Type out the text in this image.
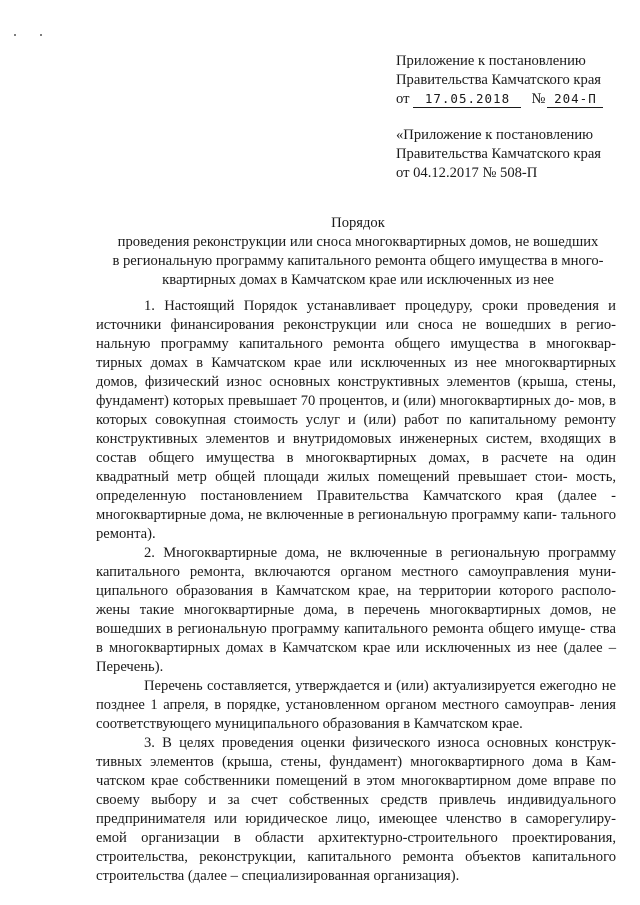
Приложение к постановлению
Правительства Камчатского края
от 17.05.2018 № 204-П
«Приложение к постановлению
Правительства Камчатского края
от 04.12.2017 № 508-П
Порядок
проведения реконструкции или сноса многоквартирных домов, не вошедших
в региональную программу капитального ремонта общего имущества в много-
квартирных домах в Камчатском крае или исключенных из нее

1. Настоящий Порядок устанавливает процедуру, сроки проведения и источники финансирования реконструкции или сноса не вошедших в регио- нальную программу капитального ремонта общего имущества в многоквар- тирных домах в Камчатском крае или исключенных из нее многоквартирных домов, физический износ основных конструктивных элементов (крыша, стены, фундамент) которых превышает 70 процентов, и (или) многоквартирных до- мов, в которых совокупная стоимость услуг и (или) работ по капитальному ремонту конструктивных элементов и внутридомовых инженерных систем, входящих в состав общего имущества в многоквартирных домах, в расчете на один квадратный метр общей площади жилых помещений превышает стои- мость, определенную постановлением Правительства Камчатского края (далее - многоквартирные дома, не включенные в региональную программу капи- тального ремонта).

2. Многоквартирные дома, не включенные в региональную программу капитального ремонта, включаются органом местного самоуправления муни- ципального образования в Камчатском крае, на территории которого располо- жены такие многоквартирные дома, в перечень многоквартирных домов, не вошедших в региональную программу капитального ремонта общего имуще- ства в многоквартирных домах в Камчатском крае или исключенных из нее (далее – Перечень).

Перечень составляется, утверждается и (или) актуализируется ежегодно не позднее 1 апреля, в порядке, установленном органом местного самоуправ- ления соответствующего муниципального образования в Камчатском крае.

3. В целях проведения оценки физического износа основных конструк- тивных элементов (крыша, стены, фундамент) многоквартирного дома в Кам- чатском крае собственники помещений в этом многоквартирном доме вправе по своему выбору и за счет собственных средств привлечь индивидуального предпринимателя или юридическое лицо, имеющее членство в саморегулиру- емой организации в области архитектурно-строительного проектирования, строительства, реконструкции, капитального ремонта объектов капитального строительства (далее – специализированная организация).
